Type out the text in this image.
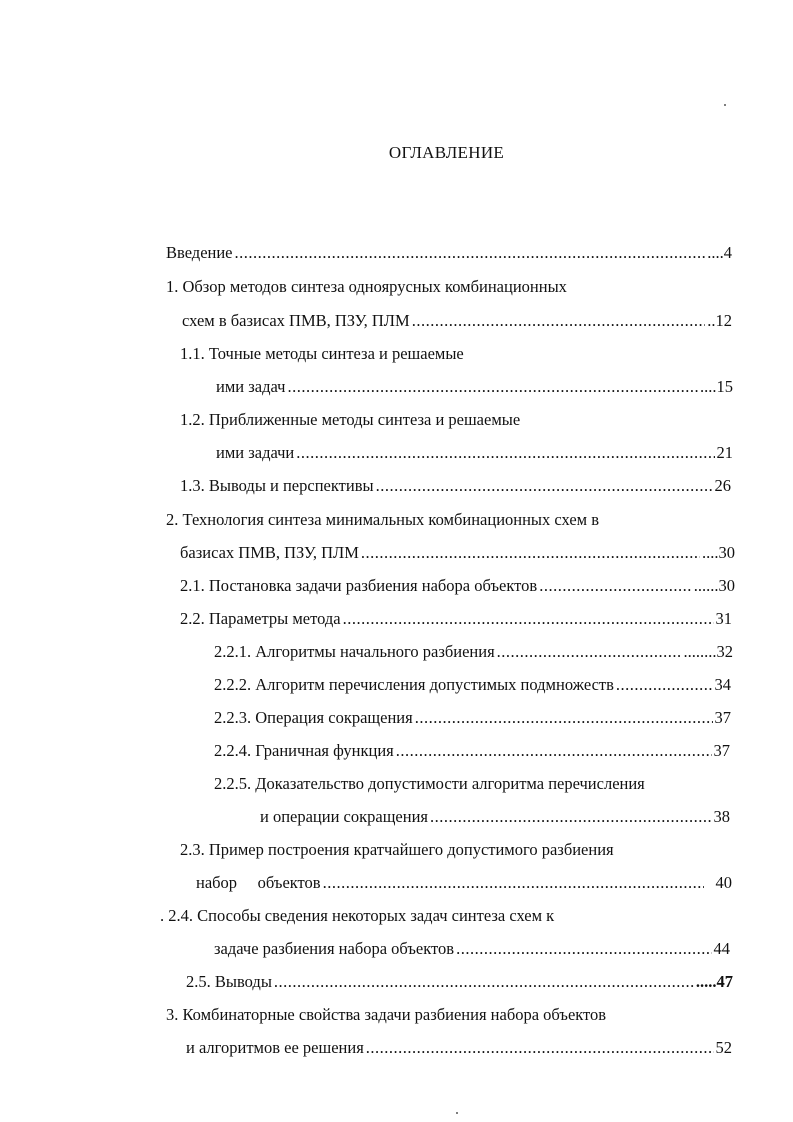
ОГЛАВЛЕНИЕ
Введение .....	....4
1. Обзор методов синтеза одноярусных комбинационных
схем в базисах ПМВ, ПЗУ, ПЛМ .....	..12
1.1. Точные методы синтеза и решаемые
ими задач .....	....15
1.2. Приближенные методы синтеза и решаемые
ими задачи .....	21
1.3. Выводы и перспективы .....	26
2. Технология синтеза минимальных комбинационных схем в
базисах ПМВ, ПЗУ, ПЛМ .....	....30
2.1. Постановка задачи разбиения набора объектов .....	......30
2.2. Параметры метода .....	31
2.2.1. Алгоритмы начального разбиения .....	........32
2.2.2. Алгоритм перечисления допустимых подмножеств .....	34
2.2.3. Операция сокращения .....	37
2.2.4. Граничная функция .....	37
2.2.5. Доказательство допустимости алгоритма перечисления
и операции сокращения .....	38
2.3. Пример построения кратчайшего допустимого разбиения
набор     объектов .....	40
. 2.4. Способы сведения некоторых задач синтеза схем к
задаче разбиения набора объектов .....	44
2.5. Выводы .....	.....47
3. Комбинаторные свойства задачи разбиения набора объектов
и алгоритмов ее решения .....	52
